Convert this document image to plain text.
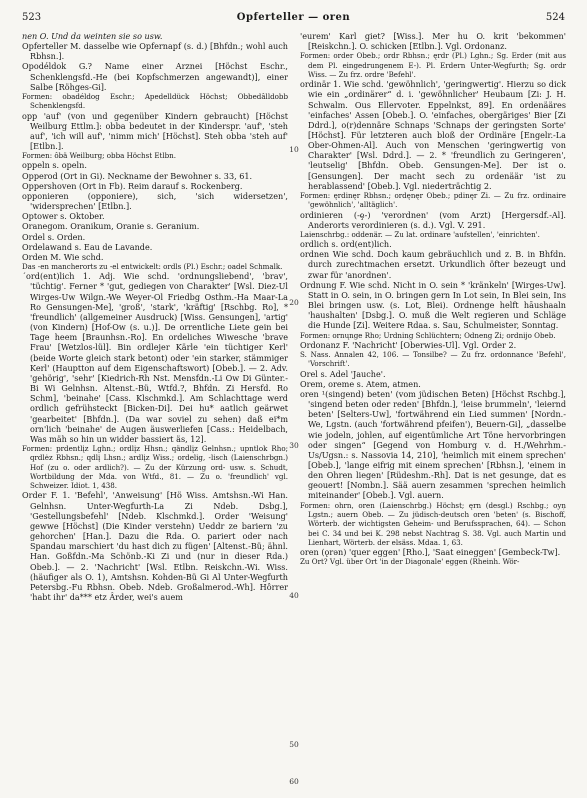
523	Opferteller — oren	524

nen O. Und da weinten sie so usw.

Opferteller M. dasselbe wie Opfernapf (s. d.) [Bhfdn.; wohl auch Rbhsn.].

Opodéldok G.? Name einer Arznei [Höchst Eschr., Schenklengsfd.-He (bei Kopfschmerzen angewandt)], einer Salbe [Röhges-Gi].

Formen: obadéldog Eschr.; Apedelldück Höchst; Obbedâlldobb Schenklengsfd.

opp 'auf' (von und gegenüber Kindern gebraucht) [Höchst Weilburg Ettlm.]: obba bedeutet in der Kinderspr. 'auf', 'steh auf', 'ich will auf', 'nimm mich' [Höchst]. Steh obba 'steh auf' [Etlbn.].

Formen: ôbä Weilburg; obba Höchst Etlbn.

oppeln s. opeln.

Opperod (Ort in Gi). Neckname der Bewohner s. 33, 61.

Oppershoven (Ort in Fb). Reim darauf s. Rockenberg.

opponieren (opponiere), sich, 'sich widersetzen', 'widersprechen' [Etlbn.].

Optower s. Oktober.

Oranegom. Oranikum, Oranie s. Geranium.

Ordel s. Orden.

Ordelawand s. Eau de Lavande.

Orden M. Wie schd.

Das -en mancherorts zu -el entwickelt: ordls (Pl.) Eschr.; oadel Schmalk.

´ord(ent)lich 1. Adj. Wie schd. 'ordnungsliebend', 'brav', 'tüchtig'. Ferner * 'gut, gediegen von Charakter' [Wsl. Diez-Ul Wirges-Uw Wilgn.-We Weyer-Ol Friedbg Osthm.-Ha Maar-La Ro Gensungen-Me], 'groß', 'stark', 'kräftig' [Rschbg. Ro], * 'freundlich' (allgemeiner Ausdruck) [Wiss. Gensungen], 'artig' (von Kindern) [Hof-Ow (s. u.)]. De orrentliche Liete gein bei Tage heem [Braunhsn.-Ro]. En ordeliches Wiwesche 'brave Frau' [Wetzlos-lül]. Bin ordlejer Kärle 'ein tüchtiger Kerl' (beide Worte gleich stark betont) oder 'ein starker, stämmiger Kerl' (Hauptton auf dem Eigenschaftswort) [Obeb.]. — 2. Adv. 'gehörig', 'sehr' [Kiedrich-Rh Nst. Mensfdn.-Li Ow Di Günter.-Bi Wi Gelnhsn. Altenst.-Bü, Wtfd.?, Bhfdn. Zi Hersfd. Ro Schm], 'beinahe' [Cass. Klschmkd.]. Am Schlachttage werd ordlich gefrühsteckt [Bicken-Di]. Dei hu* aatlich geärwet 'gearbeitet' [Bhfdn.]. (Da war soviel zu sehen) daß ei*m orn'lich 'beinahe' de Augen äuswerliefen [Cass.: Heidelbach, Was mäh so hin un widder bassiert äs, 12].

Formen: prdentlįz Lghn.; ordlįz Hhsn.; qändlįz Gelnhsn.; upntlok Rho; qrdlėz Rbhsn.; qdlį Lhsn.; ardlįz Wiss.; ordelig, -lisch (Laienschrbgn.) Hof (zu o. oder ardlich?). — Zu der Kürzung ord- usw. s. Schudt, Wortbildung der Mda. von Wtfd., 81. — Zu o. 'freundlich' vgl. Schweizer. Idiot. 1, 438.

Order F. 1. 'Befehl', 'Anweisung' [Hö Wiss. Amtshsn.-Wi Han. Gelnhsn. Unter-Wegfurth-La Zi Ndeb. Dsbg.], 'Gestellungsbefehl' [Ndeb. Klschmkd.]. Order 'Weisung' gewwe [Höchst] (Die Kinder verstehn) Ueddr ze bariern 'zu gehorchen' [Han.]. Dazu die Rda. O. pariert oder nach Spandau marschiert 'du hast dich zu fügen' [Altenst.-Bü; ähnl. Han. Goßfdn.-Ma Schönb.-Ki Zi und (nur in dieser Rda.) Obeb.]. — 2. 'Nachricht' [Wsl. Etlbn. Reiskchn.-Wi. Wiss. (häufiger als O. 1), Amtshsn. Kohden-Bü Gi Al Unter-Wegfurth Petersbg.-Fu Rbhsn. Obeb. Ndeb. Großalmerod.-Wh]. Hôrrer 'habt ihr' da*** etz Ârder, wei's auem

10
20
30
40
50
60

'eurem' Karl giet? [Wiss.]. Mer hu O. krit 'bekommen' [Reiskchn.]. O. schicken [Etlbn.]. Vgl. Ordonanz.

Formen: order Obeb.; ordr Rbhsn.; ęrdr (Pl.) Lghn.; Sg. Erder (mit aus dem Pl. eingedrungenem E-). Pl. Erdern Unter-Wegfurth; Sg. ordr Wiss. — Zu frz. ordre 'Befehl'.

ordinär 1. Wie schd. 'gewöhnlich', 'geringwertig'. Hierzu so dick wie ein „ordinärer“ d. i. 'gewöhnlicher' Heubaum [Zi: J. H. Schwalm. Ous Ellervoter. Eppelnkst, 89]. En ordenääres 'einfaches' Assen [Obeb.]. O. 'einfaches, obergäriges' Bier [Zi Ddrd.], o(r)dennäre Schnaps 'Schnaps der geringsten Sorte' [Höchst]. Für letzteren auch bloß der Ordinäre [Engelr.-La Ober-Ohmen-Al]. Auch von Menschen 'geringwertig von Charakter' [Wsl. Ddrd.]. — 2. * 'freundlich zu Geringeren', 'leutselig' [Bhfdn. Obeb. Gensungen-Me]. Der ist o. [Gensungen]. Der macht sech zu ordenäär 'ist zu herablassend' [Obeb.]. Vgl. niederträchtig 2.

Formen: ęrdinęr Rbhsn.; ordęnęr Obeb.; pdinęr Zi. — Zu frz. ordinaire 'gewöhnlich', 'alltäglich'.

ordinieren (-ȩ-) 'verordnen' (vom Arzt) [Hergersdf.-Al]. Anderorts verordinieren (s. d.). Vgl. V. 291.

Laienschrbg.: oddenär. — Zu lat. ordinare 'aufstellen', 'einrichten'.

ordlich s. ord(ent)lich.

ordnen Wie schd. Doch kaum gebräuchlich und z. B. in Bhfdn. durch zurechtmachen ersetzt. Urkundlich öfter bezeugt und zwar für 'anordnen'.

Ordnung F. Wie schd. Nicht in O. sein * 'kränkeln' [Wirges-Uw]. Statt in O. sein, in O. bringen gern In Lot sein, In Blei sein, Ins Blei bringen usw. (s. Lot, Blei). Ordnenge helft hāushaaln 'haushalten' [Dsbg.]. O. muß die Welt regieren und Schläge die Hunde [Zi]. Weitere Rdaa. s. Sau, Schulmeister, Sonntag.

Formen: ornųnge Rho; Urdning Schlüchtern; Odneng Zi; ordnijo Obeb.

Ordonanz F. 'Nachricht' [Oberwies-Ul]. Vgl. Order 2.

S. Nass. Annalen 42, 106. — Tonsilbe? — Zu frz. ordonnance 'Befehl', 'Vorschrift'.

Orel s. Adel 'Jauche'.

Orem, oreme s. Atem, atmen.

oren ¹(singend) beten' (vom jüdischen Beten) [Höchst Rschbg.], 'singend beten oder reden' [Bhfdn.], 'leise brummeln', 'leiernd beten' [Selters-Uw], 'fortwährend ein Lied summen' [Nordn.-We, Lgstn. (auch 'fortwährend pfeifen'), Beuern-Gi], „dasselbe wie jodeln, johlen, auf eigentümliche Art Töne hervorbringen oder singen“ [Gegend von Homburg v. d. H./Wehrhm.-Us/Ugsn.: s. Nassovia 14, 210], 'heimlich mit einem sprechen' [Obeb.], 'lange eifrig mit einem sprechen' [Rbhsn.], 'einem in den Ohren liegen' [Rüdeshm.-Rh]. Dat is net gesunge, dat es geouert! [Nombn.]. Sää auern zesammen 'sprechen heimlich miteinander' [Obeb.]. Vgl. auern.

Formen: ohrn, oren (Laienschrbg.) Höchst; ęrn (desgl.) Rschbg.; oyņ Lgstn.; auern Obeb. — Zu jüdisch-deutsch oren 'beten' (s. Bischoff, Wörterb. der wichtigsten Geheim- und Berufssprachen, 64). — Schon bei C. 34 und bei K. 298 nebst Nachtrag S. 38. Vgl. auch Martin und Lienhart, Wörterb. der elsäss. Mdaa. 1, 63.

oren (ǫrǝn) 'quer eggen' [Rho.], 'Saat eineggen' [Gembeck-Tw].

Zu Ort? Vgl. über Ort 'in der Diagonale' eggen (Rheinh. Wör-
